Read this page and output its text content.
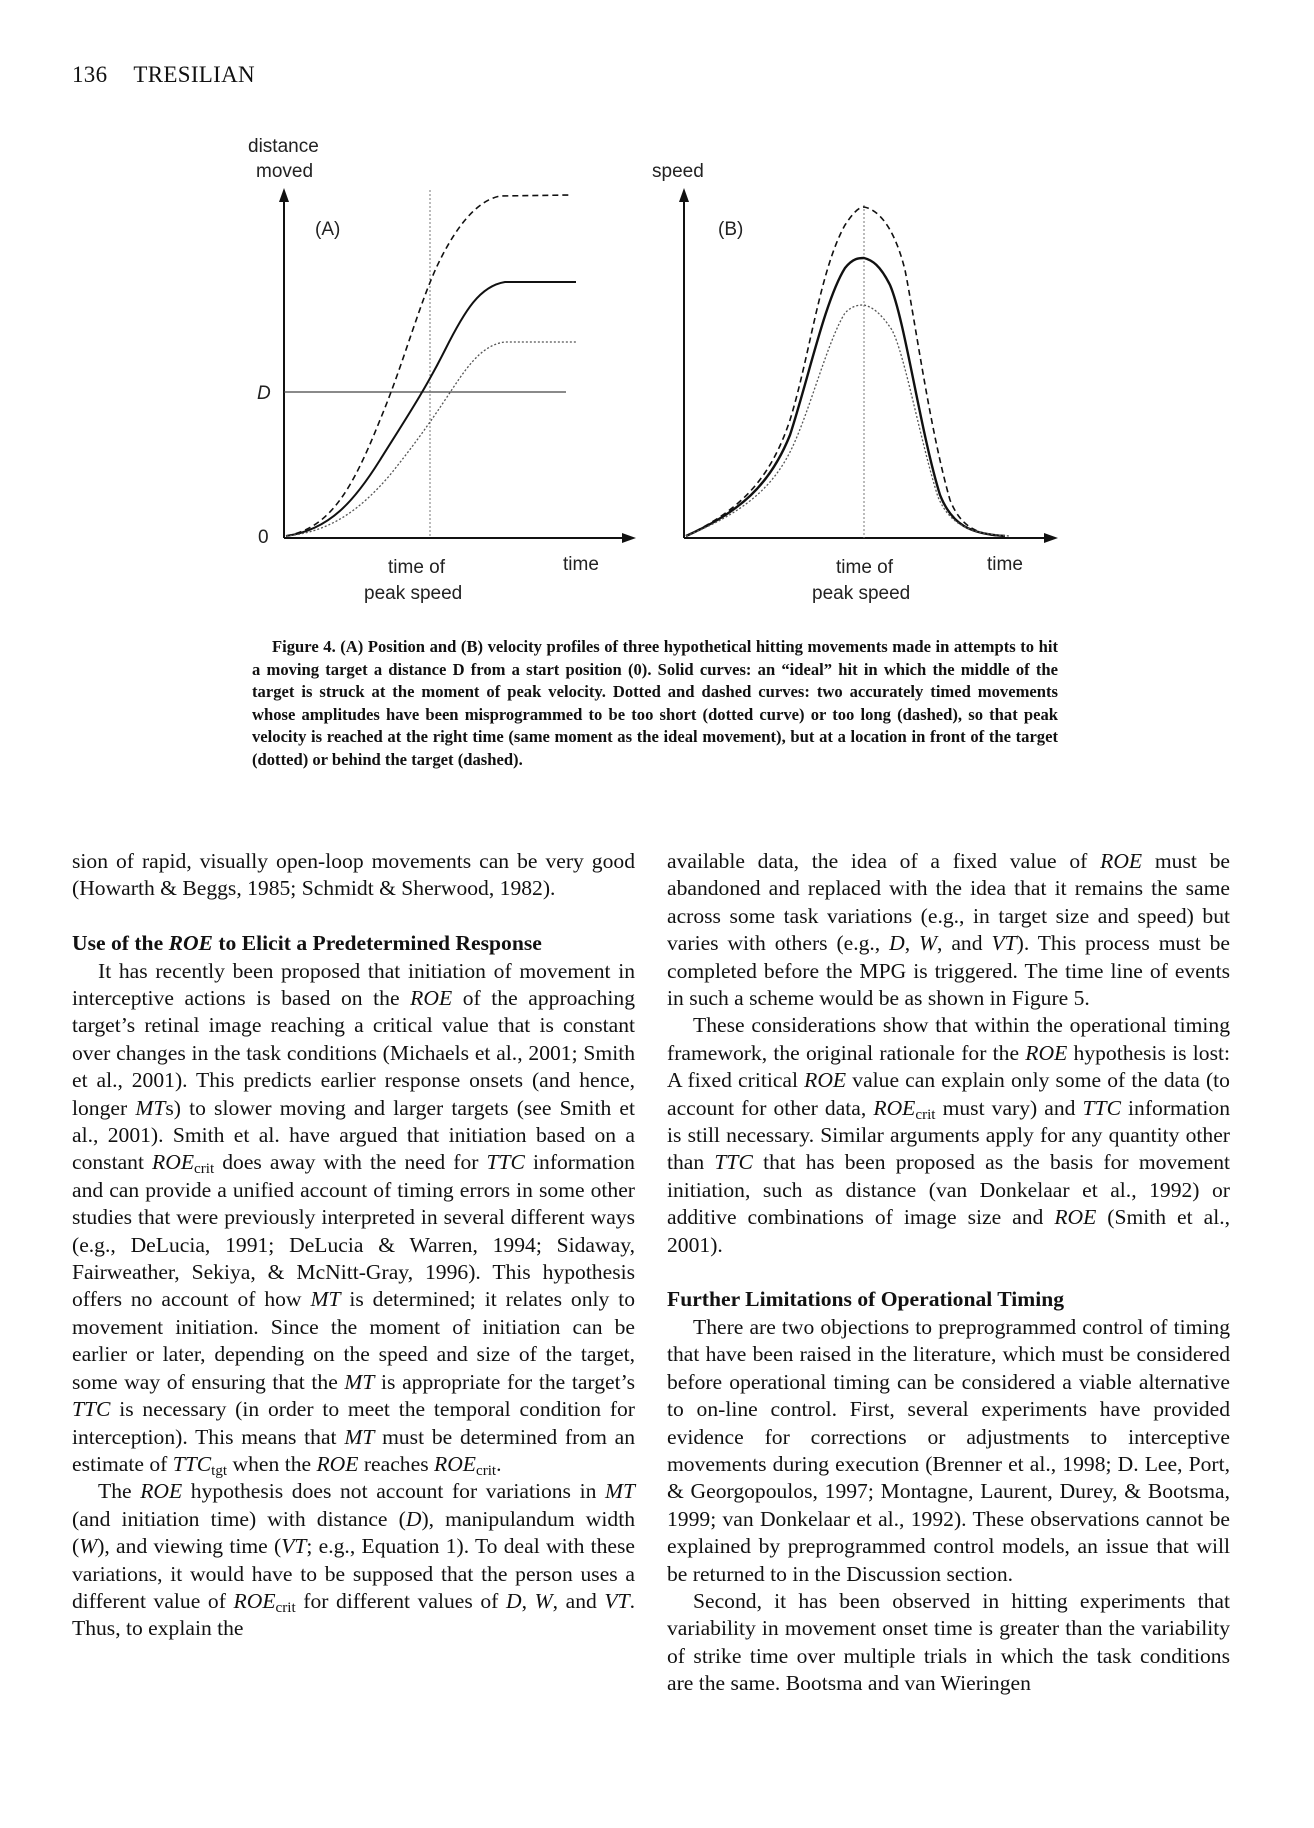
136 TRESILIAN
distance
moved
(A)
D
0
time of
peak speed
time
speed
(B)
time of
peak speed
time
Figure 4. (A) Position and (B) velocity profiles of three hypothetical hitting movements made in attempts to hit a moving target a distance D from a start position (0). Solid curves: an “ideal” hit in which the middle of the target is struck at the moment of peak velocity. Dotted and dashed curves: two accurately timed movements whose amplitudes have been misprogrammed to be too short (dotted curve) or too long (dashed), so that peak velocity is reached at the right time (same moment as the ideal movement), but at a location in front of the target (dotted) or behind the target (dashed).

sion of rapid, visually open-loop movements can be very good (Howarth & Beggs, 1985; Schmidt & Sherwood, 1982).

Use of the ROE to Elicit a Predetermined Response

It has recently been proposed that initiation of movement in interceptive actions is based on the ROE of the approaching target’s retinal image reaching a critical value that is constant over changes in the task conditions (Michaels et al., 2001; Smith et al., 2001). This predicts earlier response onsets (and hence, longer MTs) to slower moving and larger targets (see Smith et al., 2001). Smith et al. have argued that initiation based on a constant $ROE_{crit}$ does away with the need for TTC information and can provide a unified account of timing errors in some other studies that were previously interpreted in several different ways (e.g., DeLucia, 1991; DeLucia & Warren, 1994; Sidaway, Fairweather, Sekiya, & McNitt-Gray, 1996). This hypothesis offers no account of how MT is determined; it relates only to movement initiation. Since the moment of initiation can be earlier or later, depending on the speed and size of the target, some way of ensuring that the MT is appropriate for the target’s TTC is necessary (in order to meet the temporal condition for interception). This means that MT must be determined from an estimate of $TTC_{tgt}$ when the ROE reaches $ROE_{crit}$.

The ROE hypothesis does not account for variations in MT (and initiation time) with distance (D), manipulandum width (W), and viewing time (VT; e.g., Equation 1). To deal with these variations, it would have to be supposed that the person uses a different value of $ROE_{crit}$ for different values of D, W, and VT. Thus, to explain the

available data, the idea of a fixed value of ROE must be abandoned and replaced with the idea that it remains the same across some task variations (e.g., in target size and speed) but varies with others (e.g., D, W, and VT). This process must be completed before the MPG is triggered. The time line of events in such a scheme would be as shown in Figure 5.

These considerations show that within the operational timing framework, the original rationale for the ROE hypothesis is lost: A fixed critical ROE value can explain only some of the data (to account for other data, $ROE_{crit}$ must vary) and TTC information is still necessary. Similar arguments apply for any quantity other than TTC that has been proposed as the basis for movement initiation, such as distance (van Donkelaar et al., 1992) or additive combinations of image size and ROE (Smith et al., 2001).

Further Limitations of Operational Timing

There are two objections to preprogrammed control of timing that have been raised in the literature, which must be considered before operational timing can be considered a viable alternative to on-line control. First, several experiments have provided evidence for corrections or adjustments to interceptive movements during execution (Brenner et al., 1998; D. Lee, Port, & Georgopoulos, 1997; Montagne, Laurent, Durey, & Bootsma, 1999; van Donkelaar et al., 1992). These observations cannot be explained by preprogrammed control models, an issue that will be returned to in the Discussion section.

Second, it has been observed in hitting experiments that variability in movement onset time is greater than the variability of strike time over multiple trials in which the task conditions are the same. Bootsma and van Wieringen
